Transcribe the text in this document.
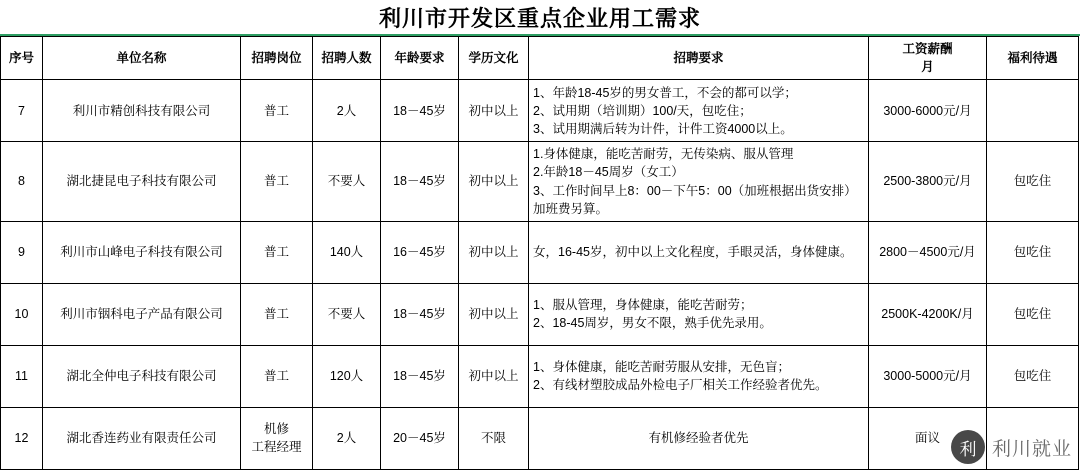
利川市开发区重点企业用工需求
序号	单位名称	招聘岗位	招聘人数	年龄要求	学历文化	招聘要求	工资薪酬
月	福利待遇
7	利川市精创科技有限公司	普工	2人	18－45岁	初中以上	1、年龄18-45岁的男女普工，不会的都可以学；
2、试用期（培训期）100/天，包吃住；
3、试用期满后转为计件，计件工资4000以上。	3000-6000元/月	
8	湖北捷昆电子科技有限公司	普工	不要人	18－45岁	初中以上	1.身体健康，能吃苦耐劳，无传染病、服从管理
2.年龄18－45周岁（女工）
3、工作时间早上8：00－下午5：00（加班根据出货安排）
加班费另算。	2500-3800元/月	包吃住
9	利川市山峰电子科技有限公司	普工	140人	16－45岁	初中以上	女，16-45岁，初中以上文化程度，手眼灵活，身体健康。	2800－4500元/月	包吃住
10	利川市铟科电子产品有限公司	普工	不要人	18－45岁	初中以上	1、服从管理，身体健康，能吃苦耐劳；
2、18-45周岁，男女不限，熟手优先录用。	2500K-4200K/月	包吃住
11	湖北全仲电子科技有限公司	普工	120人	18－45岁	初中以上	1、身体健康，能吃苦耐劳服从安排，无色盲；
2、有线材塑胶成品外检电子厂相关工作经验者优先。	3000-5000元/月	包吃住
12	湖北香连药业有限责任公司	机修
工程经理	2人	20－45岁	不限	有机修经验者优先	面议	
利 利川就业
